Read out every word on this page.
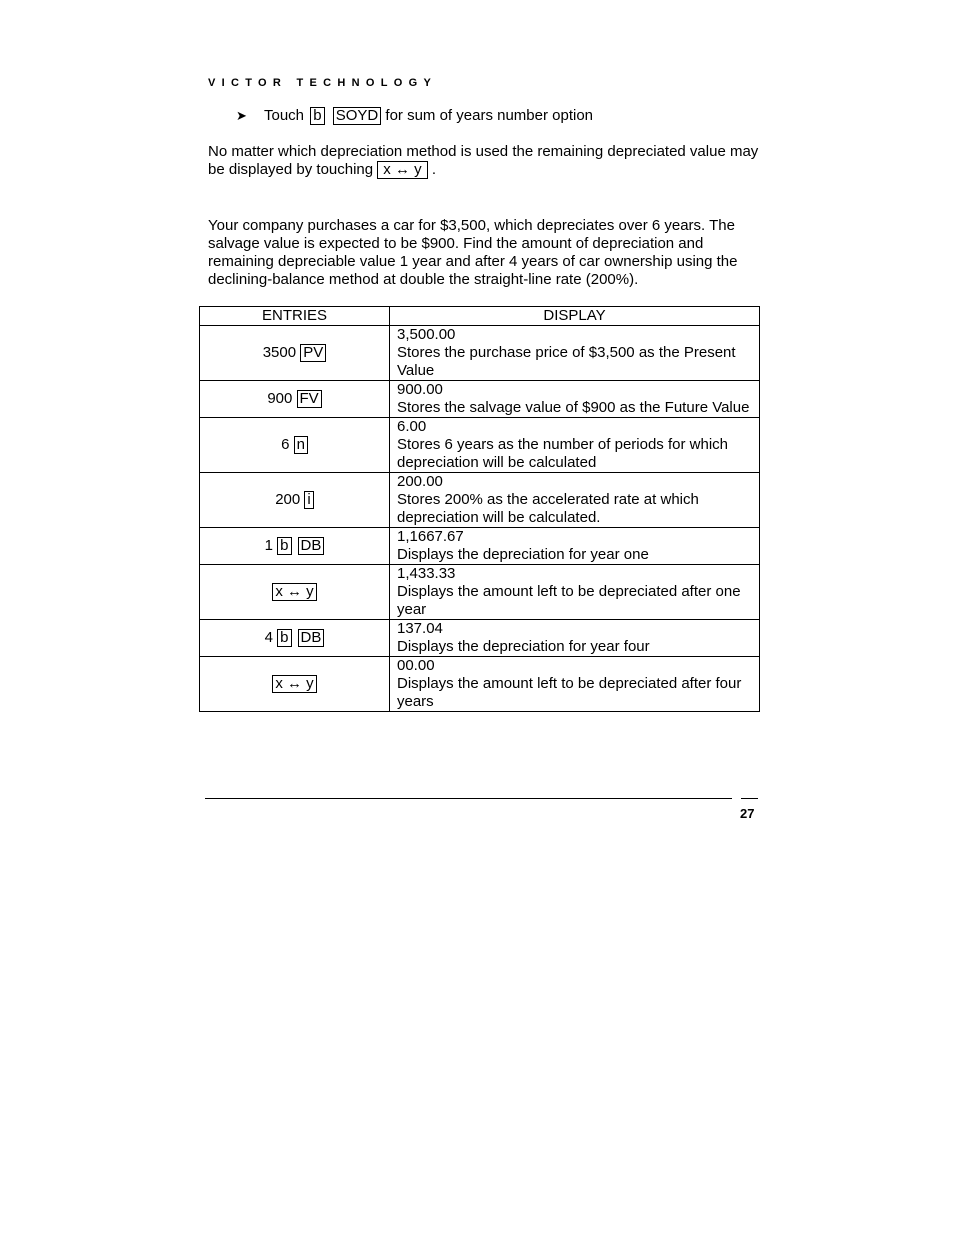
VICTOR TECHNOLOGY
➤ Touch b SOYD for sum of years number option
No matter which depreciation method is used the remaining depreciated value may be displayed by touching x ↔ y .
Your company purchases a car for $3,500, which depreciates over 6 years. The salvage value is expected to be $900. Find the amount of depreciation and remaining depreciable value 1 year and after 4 years of car ownership using the declining-balance method at double the straight-line rate (200%).
ENTRIES	DISPLAY
3500 PV	3,500.00
Stores the purchase price of $3,500 as the Present Value

900 FV	900.00
Stores the salvage value of $900 as the Future Value

6 n	6.00
Stores 6 years as the number of periods for which depreciation will be calculated

200 i	200.00
Stores 200% as the accelerated rate at which depreciation will be calculated.

1 b DB	1,1667.67
Displays the depreciation for year one

x ↔ y	1,433.33
Displays the amount left to be depreciated after one year

4 b DB	137.04
Displays the depreciation for year four

x ↔ y	00.00
Displays the amount left to be depreciated after four years
27
